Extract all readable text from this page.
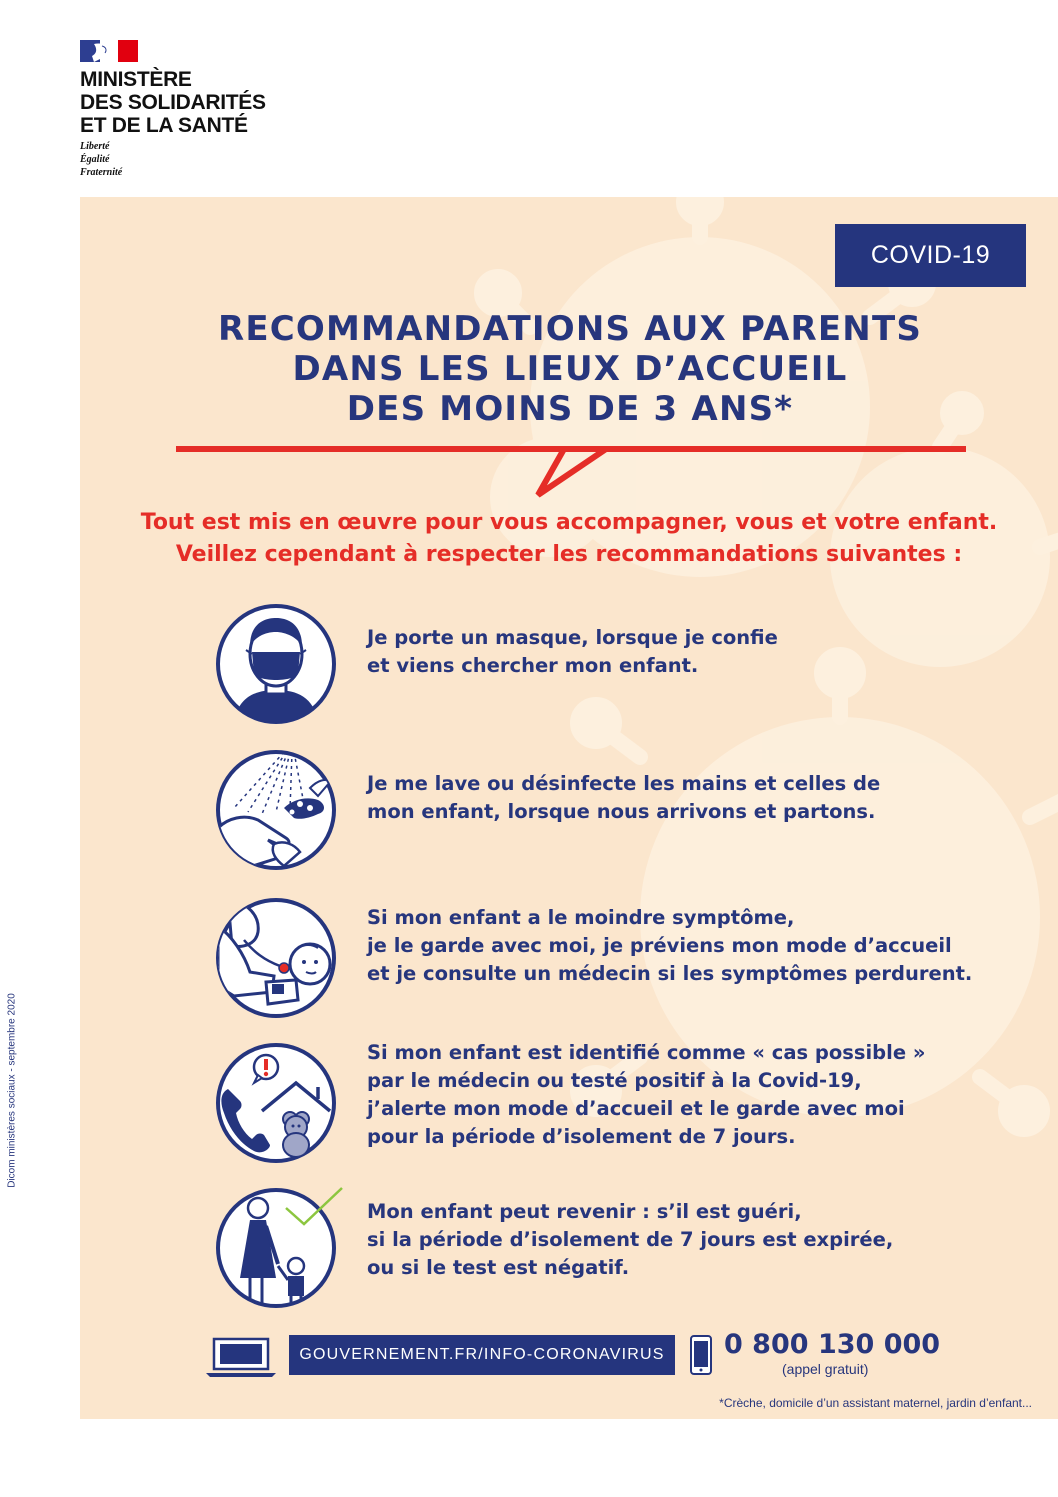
MINISTÈRE
DES SOLIDARITÉS
ET DE LA SANTÉ
Liberté
Égalité
Fraternité
COVID-19
RECOMMANDATIONS AUX PARENTS
DANS LES LIEUX D’ACCUEIL
DES MOINS DE 3 ANS*
Tout est mis en œuvre pour vous accompagner, vous et votre enfant.
Veillez cependant à respecter les recommandations suivantes :
Je porte un masque, lorsque je confie
et viens chercher mon enfant.
Je me lave ou désinfecte les mains et celles de
mon enfant, lorsque nous arrivons et partons.
Si mon enfant a le moindre symptôme,
je le garde avec moi, je préviens mon mode d’accueil
et je consulte un médecin si les symptômes perdurent.
Si mon enfant est identifié comme « cas possible »
par le médecin ou testé positif à la Covid-19,
j’alerte mon mode d’accueil et le garde avec moi
pour la période d’isolement de 7 jours.
Mon enfant peut revenir : s’il est guéri,
si la période d’isolement de 7 jours est expirée,
ou si le test est négatif.
GOUVERNEMENT.FR/INFO-CORONAVIRUS	0 800 130 000
(appel gratuit)
*Crèche, domicile d’un assistant maternel, jardin d’enfant...
Dicom ministères sociaux - septembre 2020
